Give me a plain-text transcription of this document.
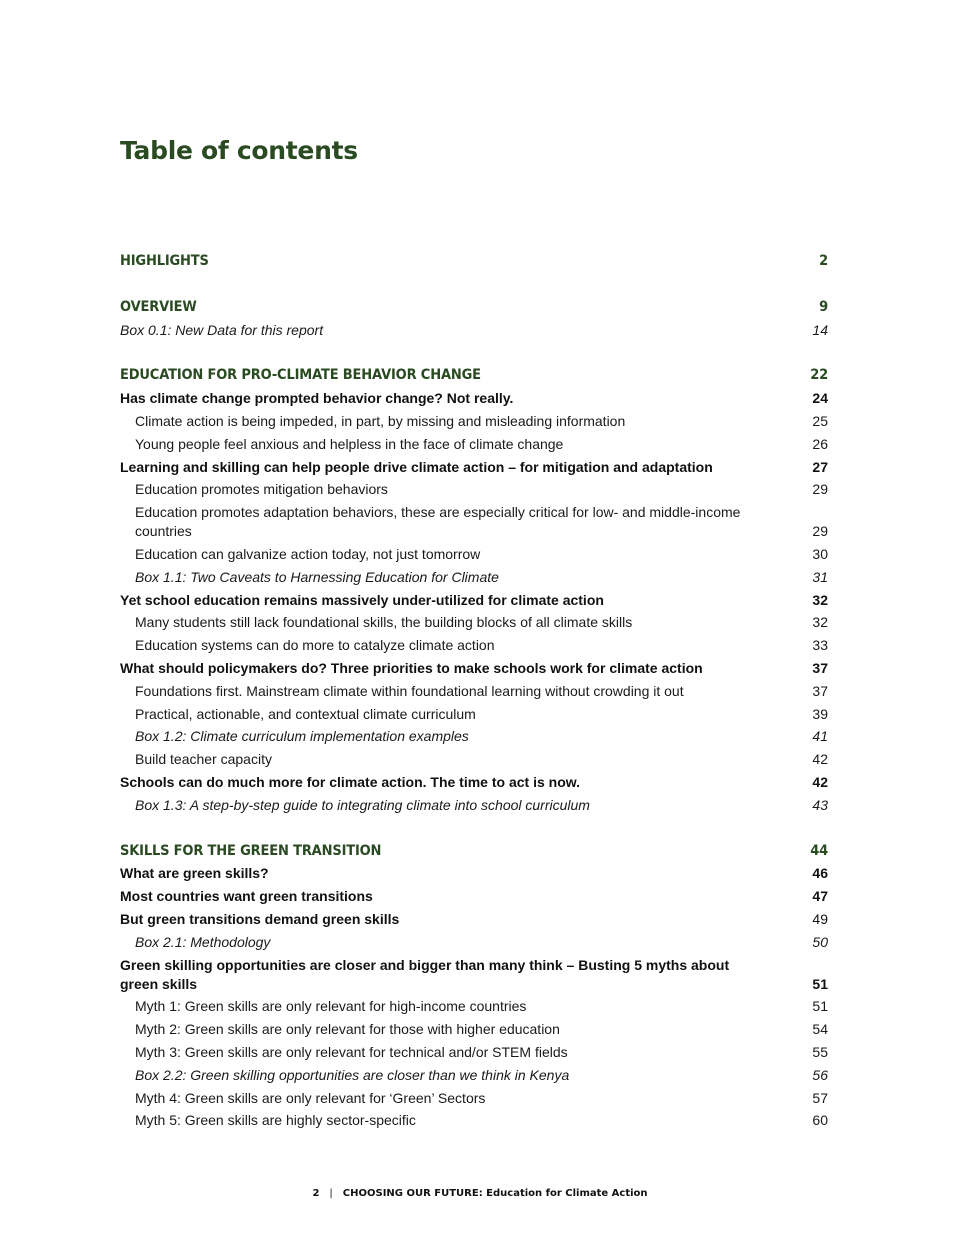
Table of contents
HIGHLIGHTS	2
OVERVIEW	9
Box 0.1: New Data for this report	14
EDUCATION FOR PRO-CLIMATE BEHAVIOR CHANGE	22
Has climate change prompted behavior change? Not really.	24
Climate action is being impeded, in part, by missing and misleading information	25
Young people feel anxious and helpless in the face of climate change	26
Learning and skilling can help people drive climate action – for mitigation and adaptation	27
Education promotes mitigation behaviors	29
Education promotes adaptation behaviors, these are especially critical for low- and middle-income countries	29
Education can galvanize action today, not just tomorrow	30
Box 1.1: Two Caveats to Harnessing Education for Climate	31
Yet school education remains massively under-utilized for climate action	32
Many students still lack foundational skills, the building blocks of all climate skills	32
Education systems can do more to catalyze climate action	33
What should policymakers do? Three priorities to make schools work for climate action	37
Foundations first. Mainstream climate within foundational learning without crowding it out	37
Practical, actionable, and contextual climate curriculum	39
Box 1.2: Climate curriculum implementation examples	41
Build teacher capacity	42
Schools can do much more for climate action. The time to act is now.	42
Box 1.3: A step-by-step guide to integrating climate into school curriculum	43
SKILLS FOR THE GREEN TRANSITION	44
What are green skills?	46
Most countries want green transitions	47
But green transitions demand green skills	49
Box 2.1: Methodology	50
Green skilling opportunities are closer and bigger than many think – Busting 5 myths about green skills	51
Myth 1: Green skills are only relevant for high-income countries	51
Myth 2: Green skills are only relevant for those with higher education	54
Myth 3: Green skills are only relevant for technical and/or STEM fields	55
Box 2.2: Green skilling opportunities are closer than we think in Kenya	56
Myth 4: Green skills are only relevant for ‘Green’ Sectors	57
Myth 5: Green skills are highly sector-specific	60
2 | CHOOSING OUR FUTURE: Education for Climate Action
